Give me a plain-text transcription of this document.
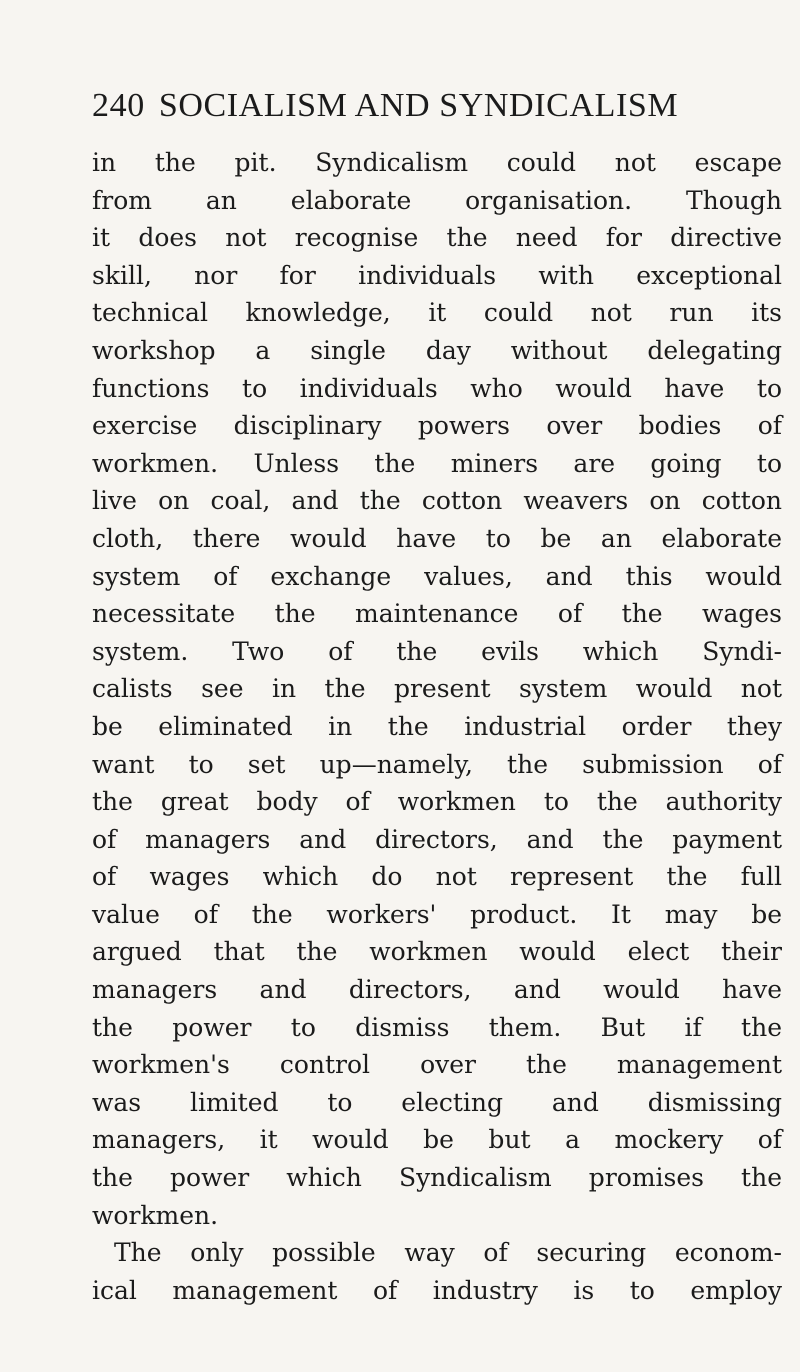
240 SOCIALISM AND SYNDICALISM
in the pit. Syndicalism could not escape
from an elaborate organisation. Though
it does not recognise the need for directive
skill, nor for individuals with exceptional
technical knowledge, it could not run its
workshop a single day without delegating
functions to individuals who would have to
exercise disciplinary powers over bodies of
workmen. Unless the miners are going to
live on coal, and the cotton weavers on cotton
cloth, there would have to be an elaborate
system of exchange values, and this would
necessitate the maintenance of the wages
system. Two of the evils which Syndi-
calists see in the present system would not
be eliminated in the industrial order they
want to set up—namely, the submission of
the great body of workmen to the authority
of managers and directors, and the payment
of wages which do not represent the full
value of the workers' product. It may be
argued that the workmen would elect their
managers and directors, and would have
the power to dismiss them. But if the
workmen's control over the management
was limited to electing and dismissing
managers, it would be but a mockery of
the power which Syndicalism promises the
workmen.
The only possible way of securing econom-
ical management of industry is to employ
